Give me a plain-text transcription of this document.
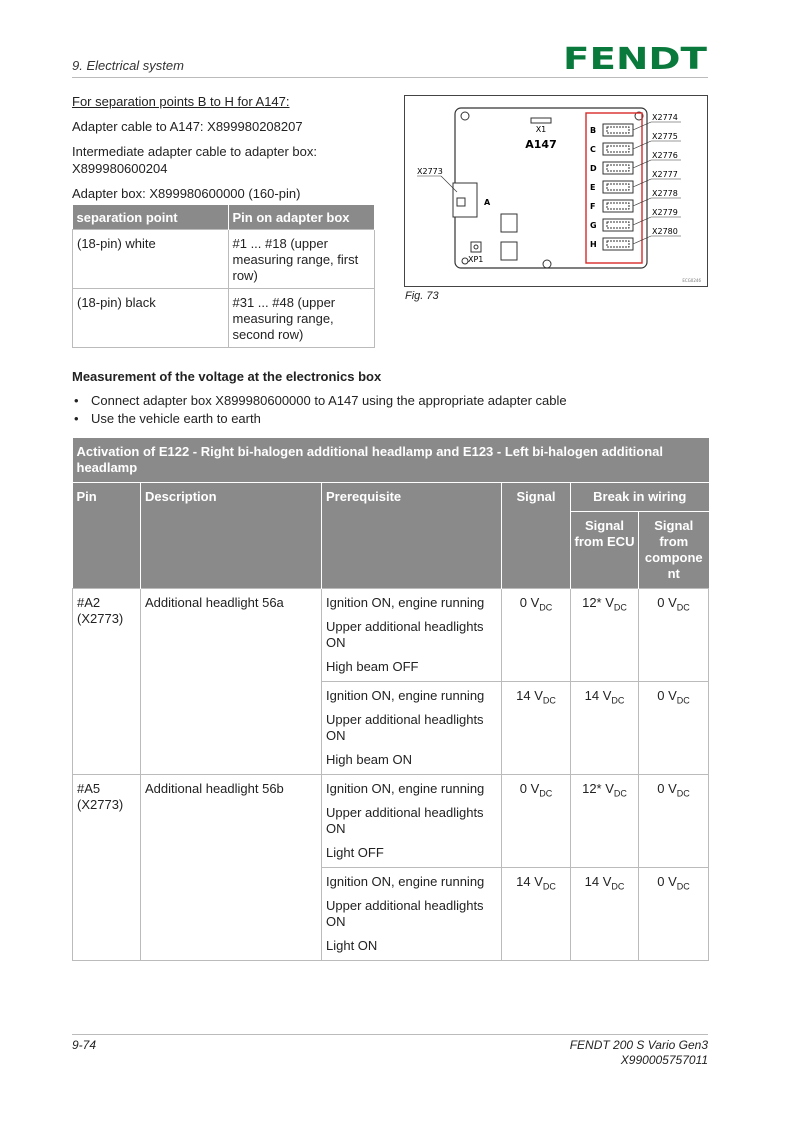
9. Electrical system	FENDT

For separation points B to H for A147:

Adapter cable to A147: X899980208207

Intermediate adapter cable to adapter box:
X899980600204

Adapter box: X899980600000 (160-pin)

separation point	Pin on adapter box
(18-pin) white	#1 ... #18 (upper measuring range, first row)
(18-pin) black	#31 ... #48 (upper measuring range, second row)
X1
A147
A
X2773
XP1
B
X2774
C
X2775
D
X2776
E
X2777
F
X2778
G
X2779
H
X2780
ECG0246
Fig. 73
Measurement of the voltage at the electronics box
• Connect adapter box X899980600000 to A147 using the appropriate adapter cable
• Use the vehicle earth to earth
Activation of E122 - Right bi-halogen additional headlamp and E123 - Left bi-halogen additional headlamp					
Pin	Description	Prerequisite	Signal	Break in wiring	
				Signal from ECU	Signal from compone nt
#A2 (X2773)	Additional headlight 56a	Ignition ON, engine running
Upper additional headlights ON
High beam OFF	0 $V_{DC}$	12* $V_{DC}$	0 $V_{DC}$

		Ignition ON, engine running
Upper additional headlights ON
High beam ON	14 $V_{DC}$	14 $V_{DC}$	0 $V_{DC}$
#A5 (X2773)	Additional headlight 56b	Ignition ON, engine running
Upper additional headlights ON
Light OFF	0 $V_{DC}$	12* $V_{DC}$	0 $V_{DC}$

		Ignition ON, engine running
Upper additional headlights ON
Light ON	14 $V_{DC}$	14 $V_{DC}$	0 $V_{DC}$
9-74	FENDT 200 S Vario Gen3
X990005757011
